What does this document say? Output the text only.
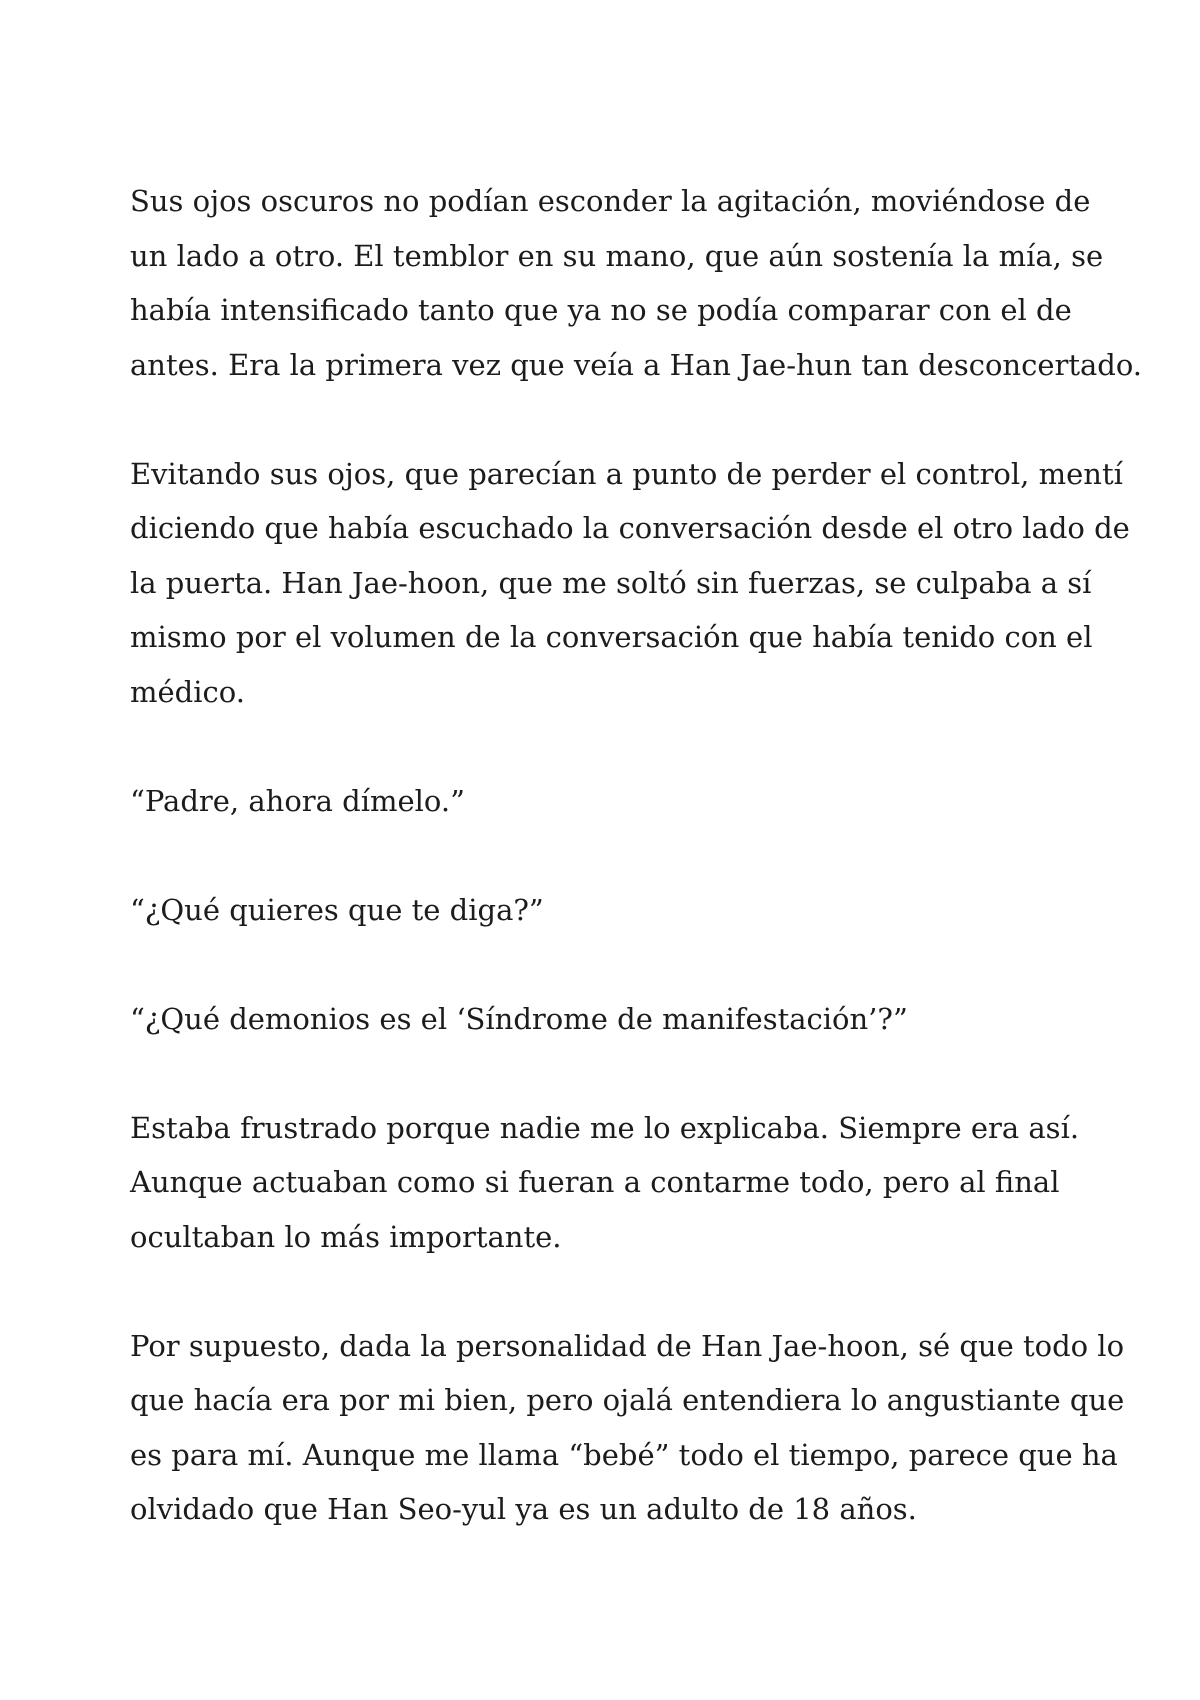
Sus ojos oscuros no podían esconder la agitación, moviéndose de
un lado a otro. El temblor en su mano, que aún sostenía la mía, se
había intensificado tanto que ya no se podía comparar con el de
antes. Era la primera vez que veía a Han Jae-hun tan desconcertado.

Evitando sus ojos, que parecían a punto de perder el control, mentí
diciendo que había escuchado la conversación desde el otro lado de
la puerta. Han Jae-hoon, que me soltó sin fuerzas, se culpaba a sí
mismo por el volumen de la conversación que había tenido con el
médico.

“Padre, ahora dímelo.”

“¿Qué quieres que te diga?”

“¿Qué demonios es el ‘Síndrome de manifestación’?”

Estaba frustrado porque nadie me lo explicaba. Siempre era así.
Aunque actuaban como si fueran a contarme todo, pero al final
ocultaban lo más importante.

Por supuesto, dada la personalidad de Han Jae-hoon, sé que todo lo
que hacía era por mi bien, pero ojalá entendiera lo angustiante que
es para mí. Aunque me llama “bebé” todo el tiempo, parece que ha
olvidado que Han Seo-yul ya es un adulto de 18 años.
